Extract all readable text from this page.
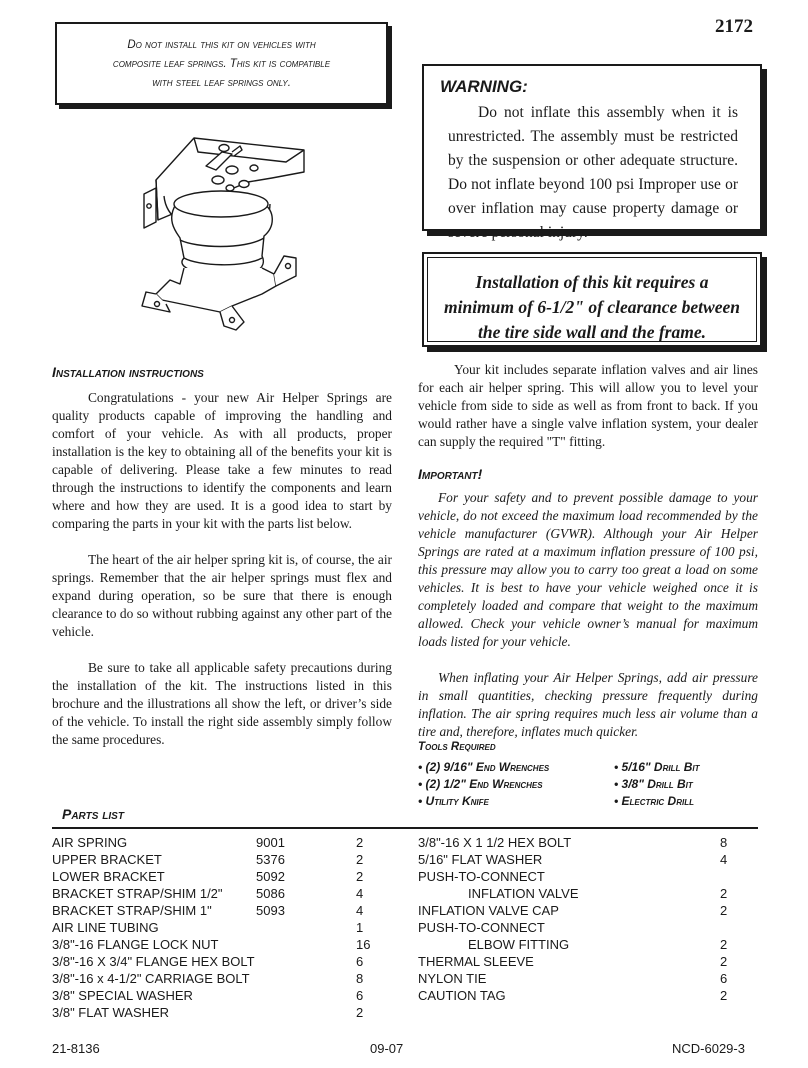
2172
Do not install this kit on vehicles with
composite leaf springs. This kit is compatible
with steel leaf springs only.	WARNING:
Do not inflate this assembly when it is unrestricted. The assembly must be restricted by the suspension or other adequate structure. Do not inflate beyond 100 psi Improper use or over inflation may cause property damage or severe personal injury.
Installation of this kit requires a
minimum of 6-1/2" of clearance between
the tire side wall and the frame.
Installation instructions

Congratulations - your new Air Helper Springs are quality products capable of improving the handling and comfort of your vehicle. As with all products, proper installation is the key to obtaining all of the benefits your kit is capable of delivering. Please take a few minutes to read through the instructions to identify the components and learn where and how they are used. It is a good idea to start by comparing the parts in your kit with the parts list below.

The heart of the air helper spring kit is, of course, the air springs. Remember that the air helper springs must flex and expand during operation, so be sure that there is enough clearance to do so without rubbing against any other part of the vehicle.

Be sure to take all applicable safety precautions during the installation of the kit. The instructions listed in this brochure and the illustrations all show the left, or driver’s side of the vehicle. To install the right side assembly simply follow the same procedures.

Your kit includes separate inflation valves and air lines for each air helper spring. This will allow you to level your vehicle from side to side as well as from front to back. If you would rather have a single valve inflation system, your dealer can supply the required "T" fitting.

Important!

For your safety and to prevent possible damage to your vehicle, do not exceed the maximum load recommended by the vehicle manufacturer (GVWR). Although your Air Helper Springs are rated at a maximum inflation pressure of 100 psi, this pressure may allow you to carry too great a load on some vehicles. It is best to have your vehicle weighed once it is completely loaded and compare that weight to the maximum allowed. Check your vehicle owner’s manual for maximum loads listed for your vehicle.

When inflating your Air Helper Springs, add air pressure in small quantities, checking pressure frequently during inflation. The air spring requires much less air volume than a tire and, therefore, inflates much quicker.

Tools Required
• (2) 9/16" End Wrenches
• (2) 1/2" End Wrenches
• Utility Knife
• 5/16" Drill Bit
• 3/8" Drill Bit
• Electric Drill
Parts list
AIR SPRING	9001	2
UPPER BRACKET	5376	2
LOWER BRACKET	5092	2
BRACKET STRAP/SHIM 1/2"	5086	4
BRACKET STRAP/SHIM 1"	5093	4
AIR LINE TUBING	1
3/8"-16 FLANGE LOCK NUT	16
3/8"-16 X 3/4" FLANGE HEX BOLT	6
3/8"-16 x 4-1/2" CARRIAGE BOLT	8
3/8" SPECIAL WASHER	6
3/8" FLAT WASHER	2
3/8"-16 X 1 1/2 HEX BOLT	8
5/16" FLAT WASHER	4
PUSH-TO-CONNECT
INFLATION VALVE	2
INFLATION VALVE CAP	2
PUSH-TO-CONNECT
ELBOW FITTING	2
THERMAL SLEEVE	2
NYLON TIE	6
CAUTION TAG	2
21-8136	09-07	NCD-6029-3
